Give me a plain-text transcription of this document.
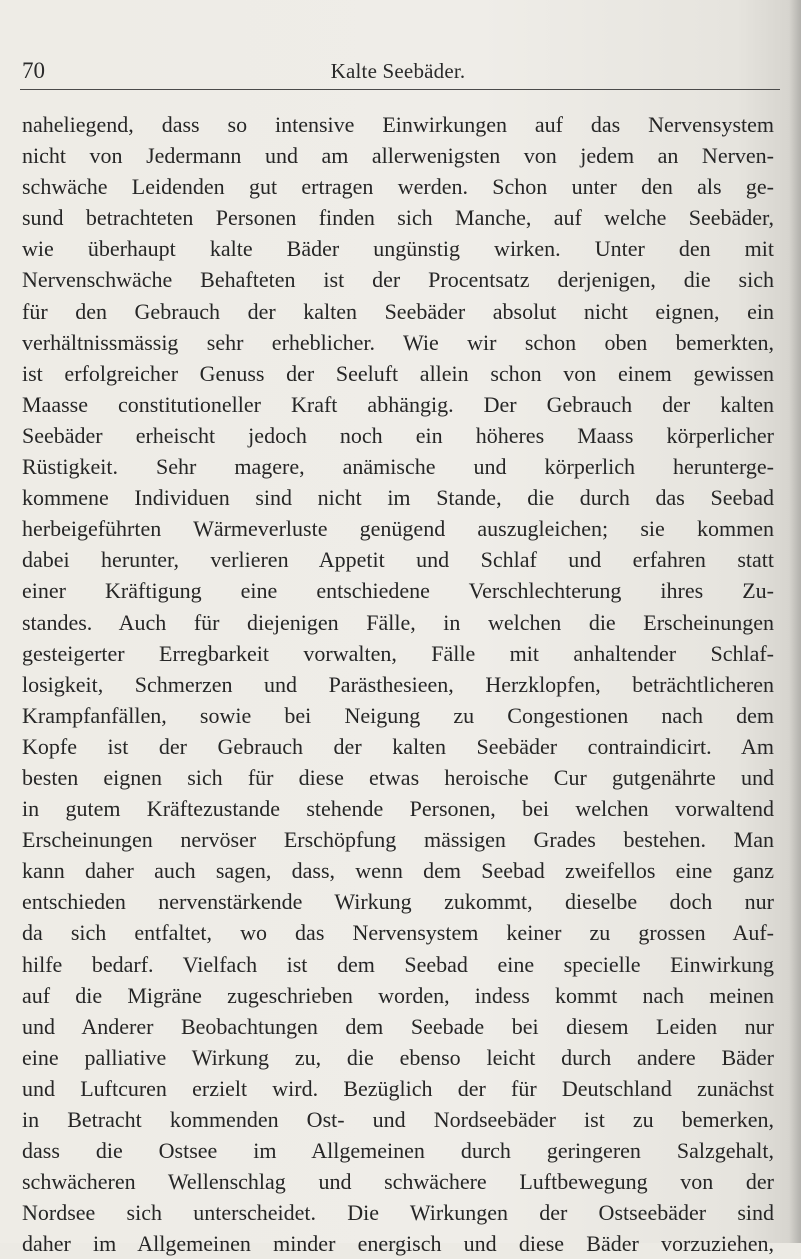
70	Kalte Seebäder.
naheliegend, dass so intensive Einwirkungen auf das Nervensystem
nicht von Jedermann und am allerwenigsten von jedem an Nerven-
schwäche Leidenden gut ertragen werden. Schon unter den als ge-
sund betrachteten Personen finden sich Manche, auf welche Seebäder,
wie überhaupt kalte Bäder ungünstig wirken. Unter den mit
Nervenschwäche Behafteten ist der Procentsatz derjenigen, die sich
für den Gebrauch der kalten Seebäder absolut nicht eignen, ein
verhältnissmässig sehr erheblicher. Wie wir schon oben bemerkten,
ist erfolgreicher Genuss der Seeluft allein schon von einem gewissen
Maasse constitutioneller Kraft abhängig. Der Gebrauch der kalten
Seebäder erheischt jedoch noch ein höheres Maass körperlicher
Rüstigkeit. Sehr magere, anämische und körperlich herunterge-
kommene Individuen sind nicht im Stande, die durch das Seebad
herbeigeführten Wärmeverluste genügend auszugleichen; sie kommen
dabei herunter, verlieren Appetit und Schlaf und erfahren statt
einer Kräftigung eine entschiedene Verschlechterung ihres Zu-
standes. Auch für diejenigen Fälle, in welchen die Erscheinungen
gesteigerter Erregbarkeit vorwalten, Fälle mit anhaltender Schlaf-
losigkeit, Schmerzen und Parästhesieen, Herzklopfen, beträchtlicheren
Krampfanfällen, sowie bei Neigung zu Congestionen nach dem
Kopfe ist der Gebrauch der kalten Seebäder contraindicirt. Am
besten eignen sich für diese etwas heroische Cur gutgenährte und
in gutem Kräftezustande stehende Personen, bei welchen vorwaltend
Erscheinungen nervöser Erschöpfung mässigen Grades bestehen. Man
kann daher auch sagen, dass, wenn dem Seebad zweifellos eine ganz
entschieden nervenstärkende Wirkung zukommt, dieselbe doch nur
da sich entfaltet, wo das Nervensystem keiner zu grossen Auf-
hilfe bedarf. Vielfach ist dem Seebad eine specielle Einwirkung
auf die Migräne zugeschrieben worden, indess kommt nach meinen
und Anderer Beobachtungen dem Seebade bei diesem Leiden nur
eine palliative Wirkung zu, die ebenso leicht durch andere Bäder
und Luftcuren erzielt wird. Bezüglich der für Deutschland zunächst
in Betracht kommenden Ost- und Nordseebäder ist zu bemerken,
dass die Ostsee im Allgemeinen durch geringeren Salzgehalt,
schwächeren Wellenschlag und schwächere Luftbewegung von der
Nordsee sich unterscheidet. Die Wirkungen der Ostseebäder sind
daher im Allgemeinen minder energisch und diese Bäder vorzuziehen,
